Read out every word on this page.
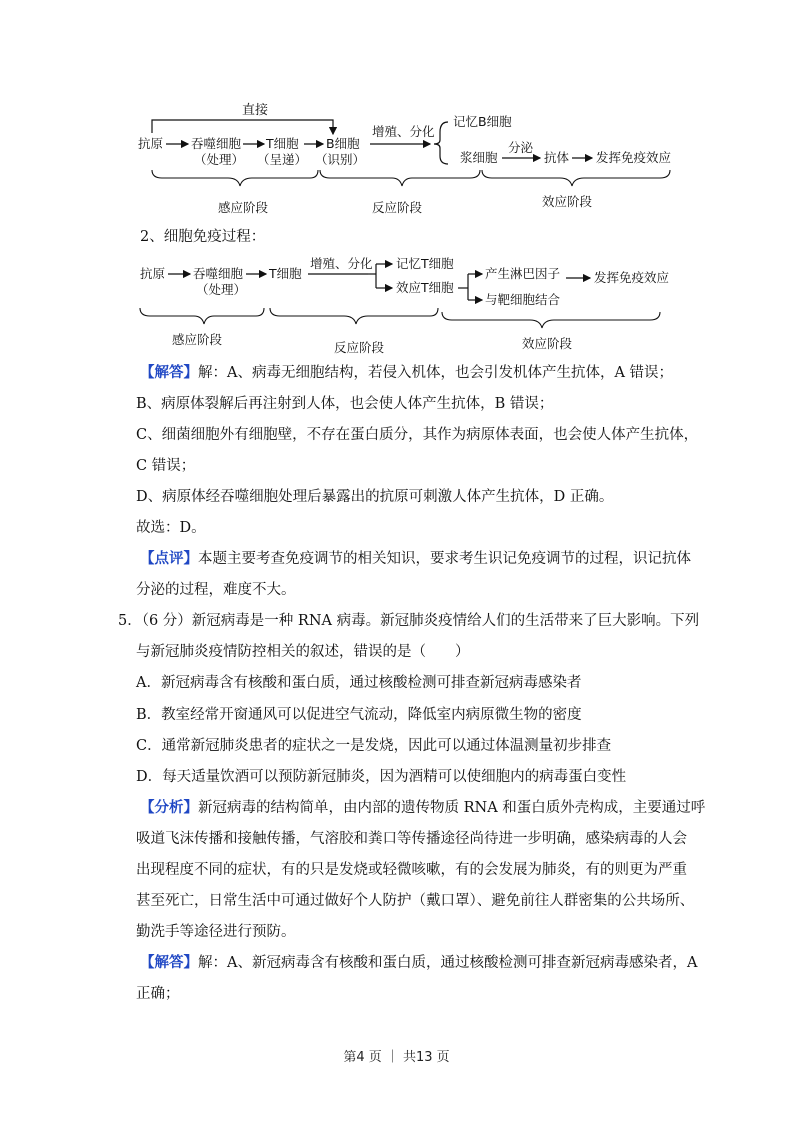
直接
抗原 吞噬细胞
（处理）
T细胞
（呈递）
B细胞
（识别）
增殖、分化
记忆B细胞
浆细胞
分泌
抗体 发挥免疫效应
感应阶段	反应阶段	效应阶段
2、细胞免疫过程：
抗原 吞噬细胞
（处理）
T细胞
增殖、分化 记忆T细胞
效应T细胞
产生淋巴因子	发挥免疫效应
与靶细胞结合
感应阶段
反应阶段	效应阶段
【解答】解：A、病毒无细胞结构，若侵入机体，也会引发机体产生抗体，A 错误；
B、病原体裂解后再注射到人体，也会使人体产生抗体，B 错误；
C、细菌细胞外有细胞壁，不存在蛋白质分，其作为病原体表面，也会使人体产生抗体，
C 错误；
D、病原体经吞噬细胞处理后暴露出的抗原可刺激人体产生抗体，D 正确。
故选：D。
【点评】本题主要考查免疫调节的相关知识，要求考生识记免疫调节的过程，识记抗体
分泌的过程，难度不大。
5．（6 分）新冠病毒是一种 RNA 病毒。新冠肺炎疫情给人们的生活带来了巨大影响。下列
与新冠肺炎疫情防控相关的叙述，错误的是（　　）
A．新冠病毒含有核酸和蛋白质，通过核酸检测可排查新冠病毒感染者
B．教室经常开窗通风可以促进空气流动，降低室内病原微生物的密度
C．通常新冠肺炎患者的症状之一是发烧，因此可以通过体温测量初步排查
D．每天适量饮酒可以预防新冠肺炎，因为酒精可以使细胞内的病毒蛋白变性
【分析】新冠病毒的结构简单，由内部的遗传物质 RNA 和蛋白质外壳构成，主要通过呼
吸道飞沫传播和接触传播，气溶胶和粪口等传播途径尚待进一步明确，感染病毒的人会
出现程度不同的症状，有的只是发烧或轻微咳嗽，有的会发展为肺炎，有的则更为严重
甚至死亡，日常生活中可通过做好个人防护（戴口罩）、避免前往人群密集的公共场所、
勤洗手等途径进行预防。
【解答】解：A、新冠病毒含有核酸和蛋白质，通过核酸检测可排查新冠病毒感染者，A
正确；
第4 页 ｜ 共13 页
